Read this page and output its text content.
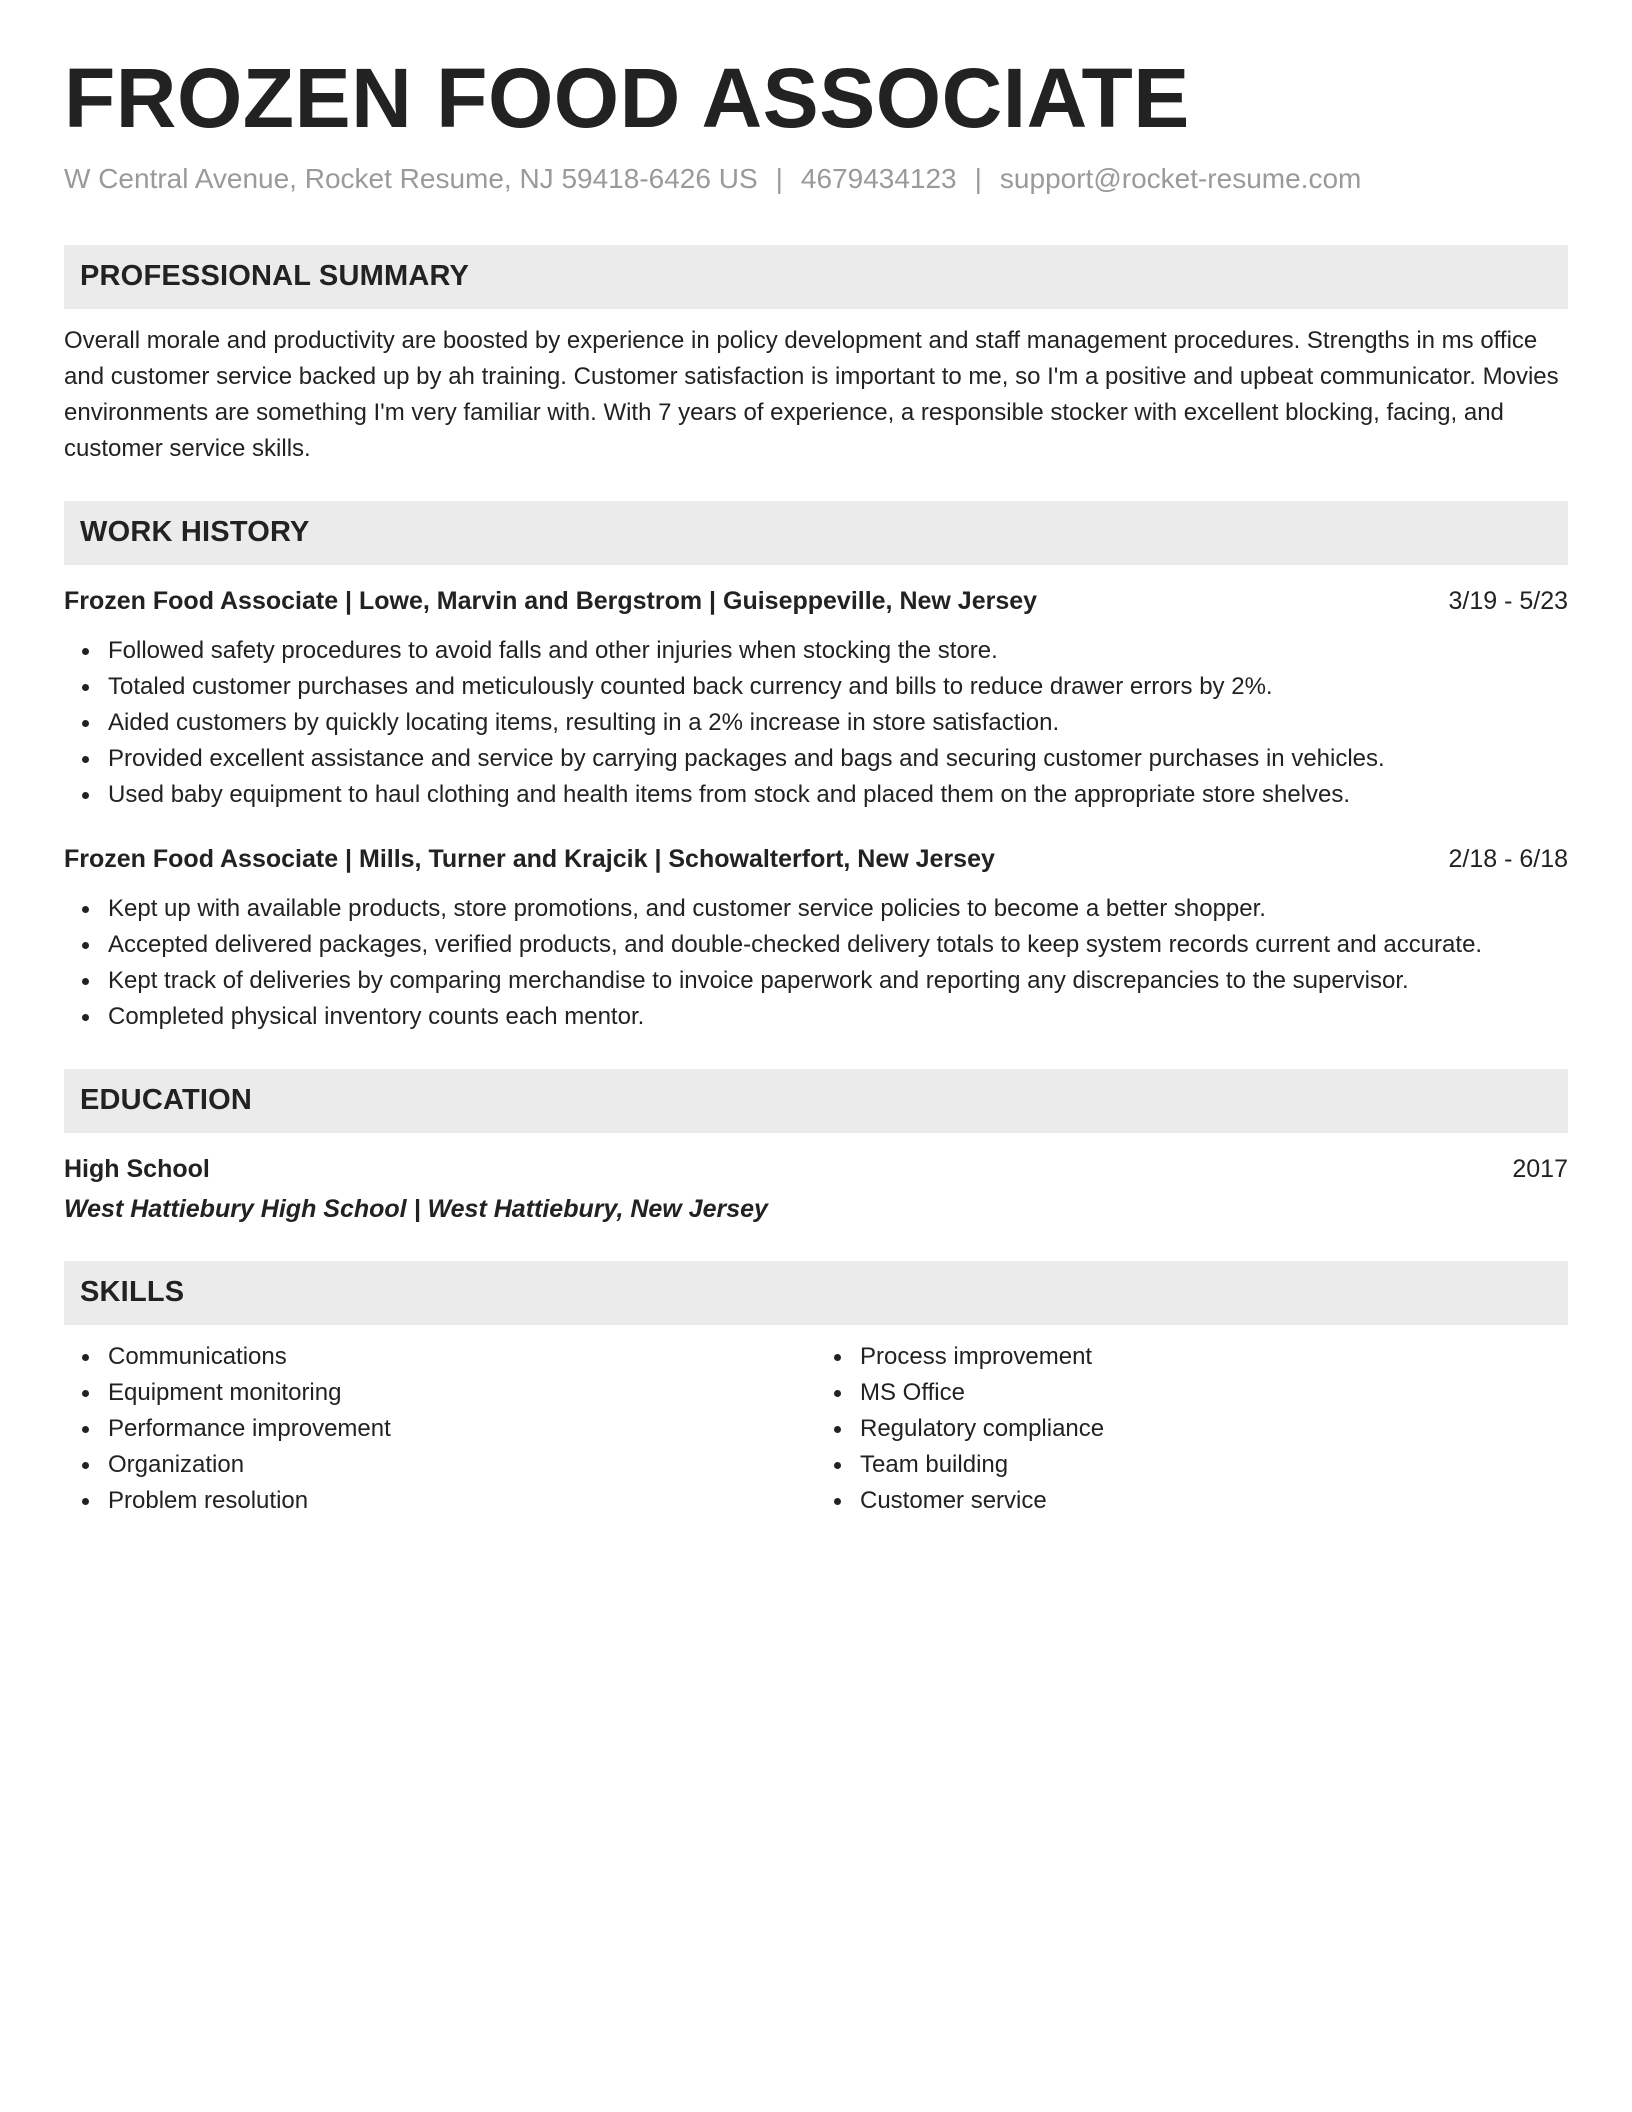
FROZEN FOOD ASSOCIATE
W Central Avenue, Rocket Resume, NJ 59418-6426 US | 4679434123 | support@rocket-resume.com
PROFESSIONAL SUMMARY
Overall morale and productivity are boosted by experience in policy development and staff management procedures. Strengths in ms office and customer service backed up by ah training. Customer satisfaction is important to me, so I'm a positive and upbeat communicator. Movies environments are something I'm very familiar with. With 7 years of experience, a responsible stocker with excellent blocking, facing, and customer service skills.
WORK HISTORY
Frozen Food Associate | Lowe, Marvin and Bergstrom | Guiseppeville, New Jersey	3/19 - 5/23
Followed safety procedures to avoid falls and other injuries when stocking the store.
Totaled customer purchases and meticulously counted back currency and bills to reduce drawer errors by 2%.
Aided customers by quickly locating items, resulting in a 2% increase in store satisfaction.
Provided excellent assistance and service by carrying packages and bags and securing customer purchases in vehicles.
Used baby equipment to haul clothing and health items from stock and placed them on the appropriate store shelves.
Frozen Food Associate | Mills, Turner and Krajcik | Schowalterfort, New Jersey	2/18 - 6/18
Kept up with available products, store promotions, and customer service policies to become a better shopper.
Accepted delivered packages, verified products, and double-checked delivery totals to keep system records current and accurate.
Kept track of deliveries by comparing merchandise to invoice paperwork and reporting any discrepancies to the supervisor.
Completed physical inventory counts each mentor.
EDUCATION
High School	2017
West Hattiebury High School | West Hattiebury, New Jersey
SKILLS
Communications
Equipment monitoring
Performance improvement
Organization
Problem resolution
Process improvement
MS Office
Regulatory compliance
Team building
Customer service
